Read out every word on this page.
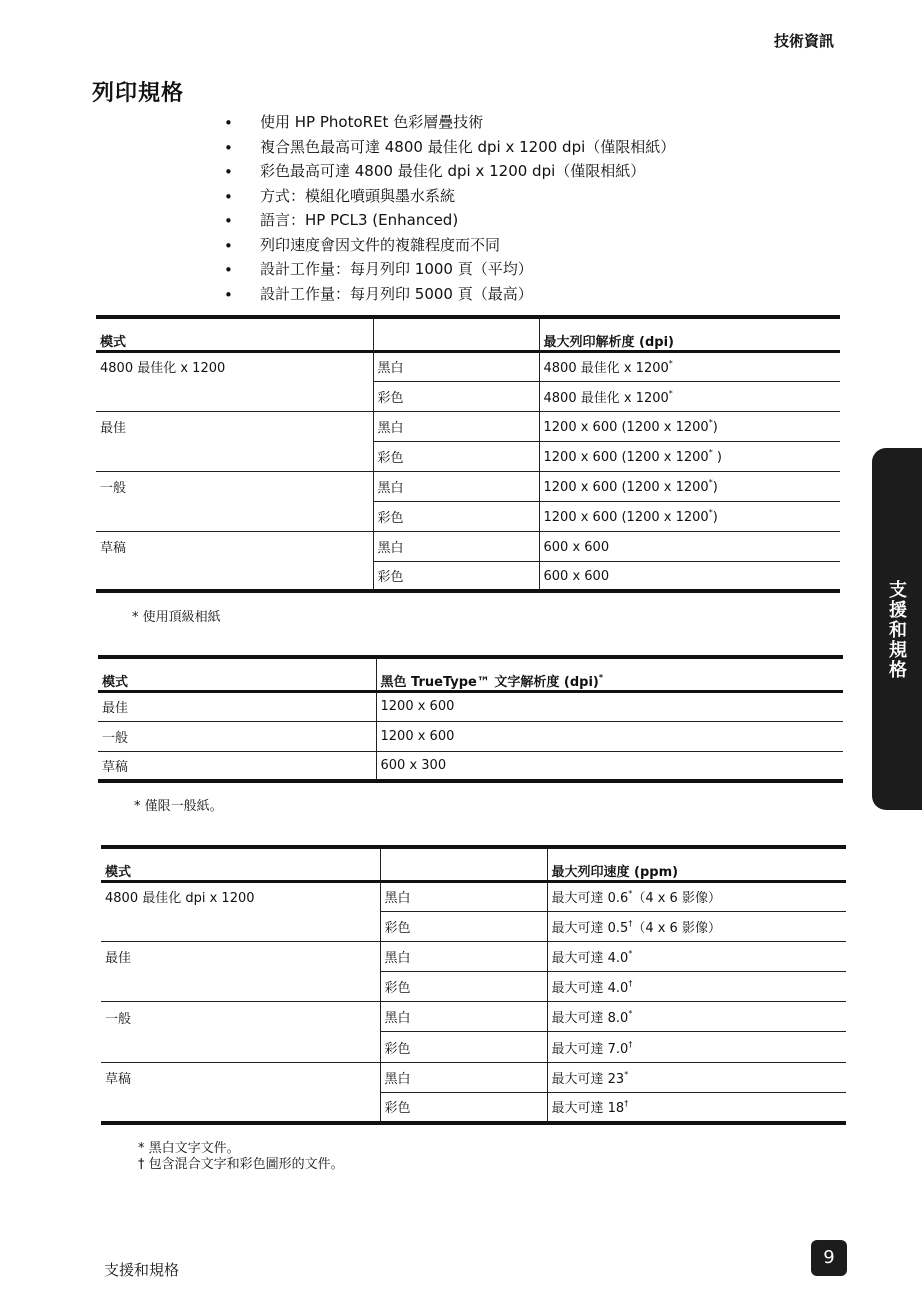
技術資訊
列印規格
• 使用 HP PhotoREt 色彩層疊技術
• 複合黑色最高可達 4800 最佳化 dpi x 1200 dpi（僅限相紙）
• 彩色最高可達 4800 最佳化 dpi x 1200 dpi（僅限相紙）
• 方式：模組化噴頭與墨水系統
• 語言：HP PCL3 (Enhanced)
• 列印速度會因文件的複雜程度而不同
• 設計工作量：每月列印 1000 頁（平均）
• 設計工作量：每月列印 5000 頁（最高）
模式		最大列印解析度 (dpi)
4800 最佳化 x 1200	黑白	4800 最佳化 x 1200*
	彩色	4800 最佳化 x 1200*
最佳	黑白	1200 x 600 (1200 x 1200*)
	彩色	1200 x 600 (1200 x 1200* )
一般	黑白	1200 x 600 (1200 x 1200*)
	彩色	1200 x 600 (1200 x 1200*)
草稿	黑白	600 x 600
	彩色	600 x 600
* 使用頂級相紙
模式	黑色 TrueType™ 文字解析度 (dpi)*
最佳	1200 x 600
一般	1200 x 600
草稿	600 x 300
* 僅限一般紙。
模式		最大列印速度 (ppm)
4800 最佳化 dpi x 1200	黑白	最大可達 0.6*（4 x 6 影像）
	彩色	最大可達 0.5†（4 x 6 影像）
最佳	黑白	最大可達 4.0*
	彩色	最大可達 4.0†
一般	黑白	最大可達 8.0*
	彩色	最大可達 7.0†
草稿	黑白	最大可達 23*
	彩色	最大可達 18†
* 黑白文字文件。
† 包含混合文字和彩色圖形的文件。
支援和規格
支援和規格
9
